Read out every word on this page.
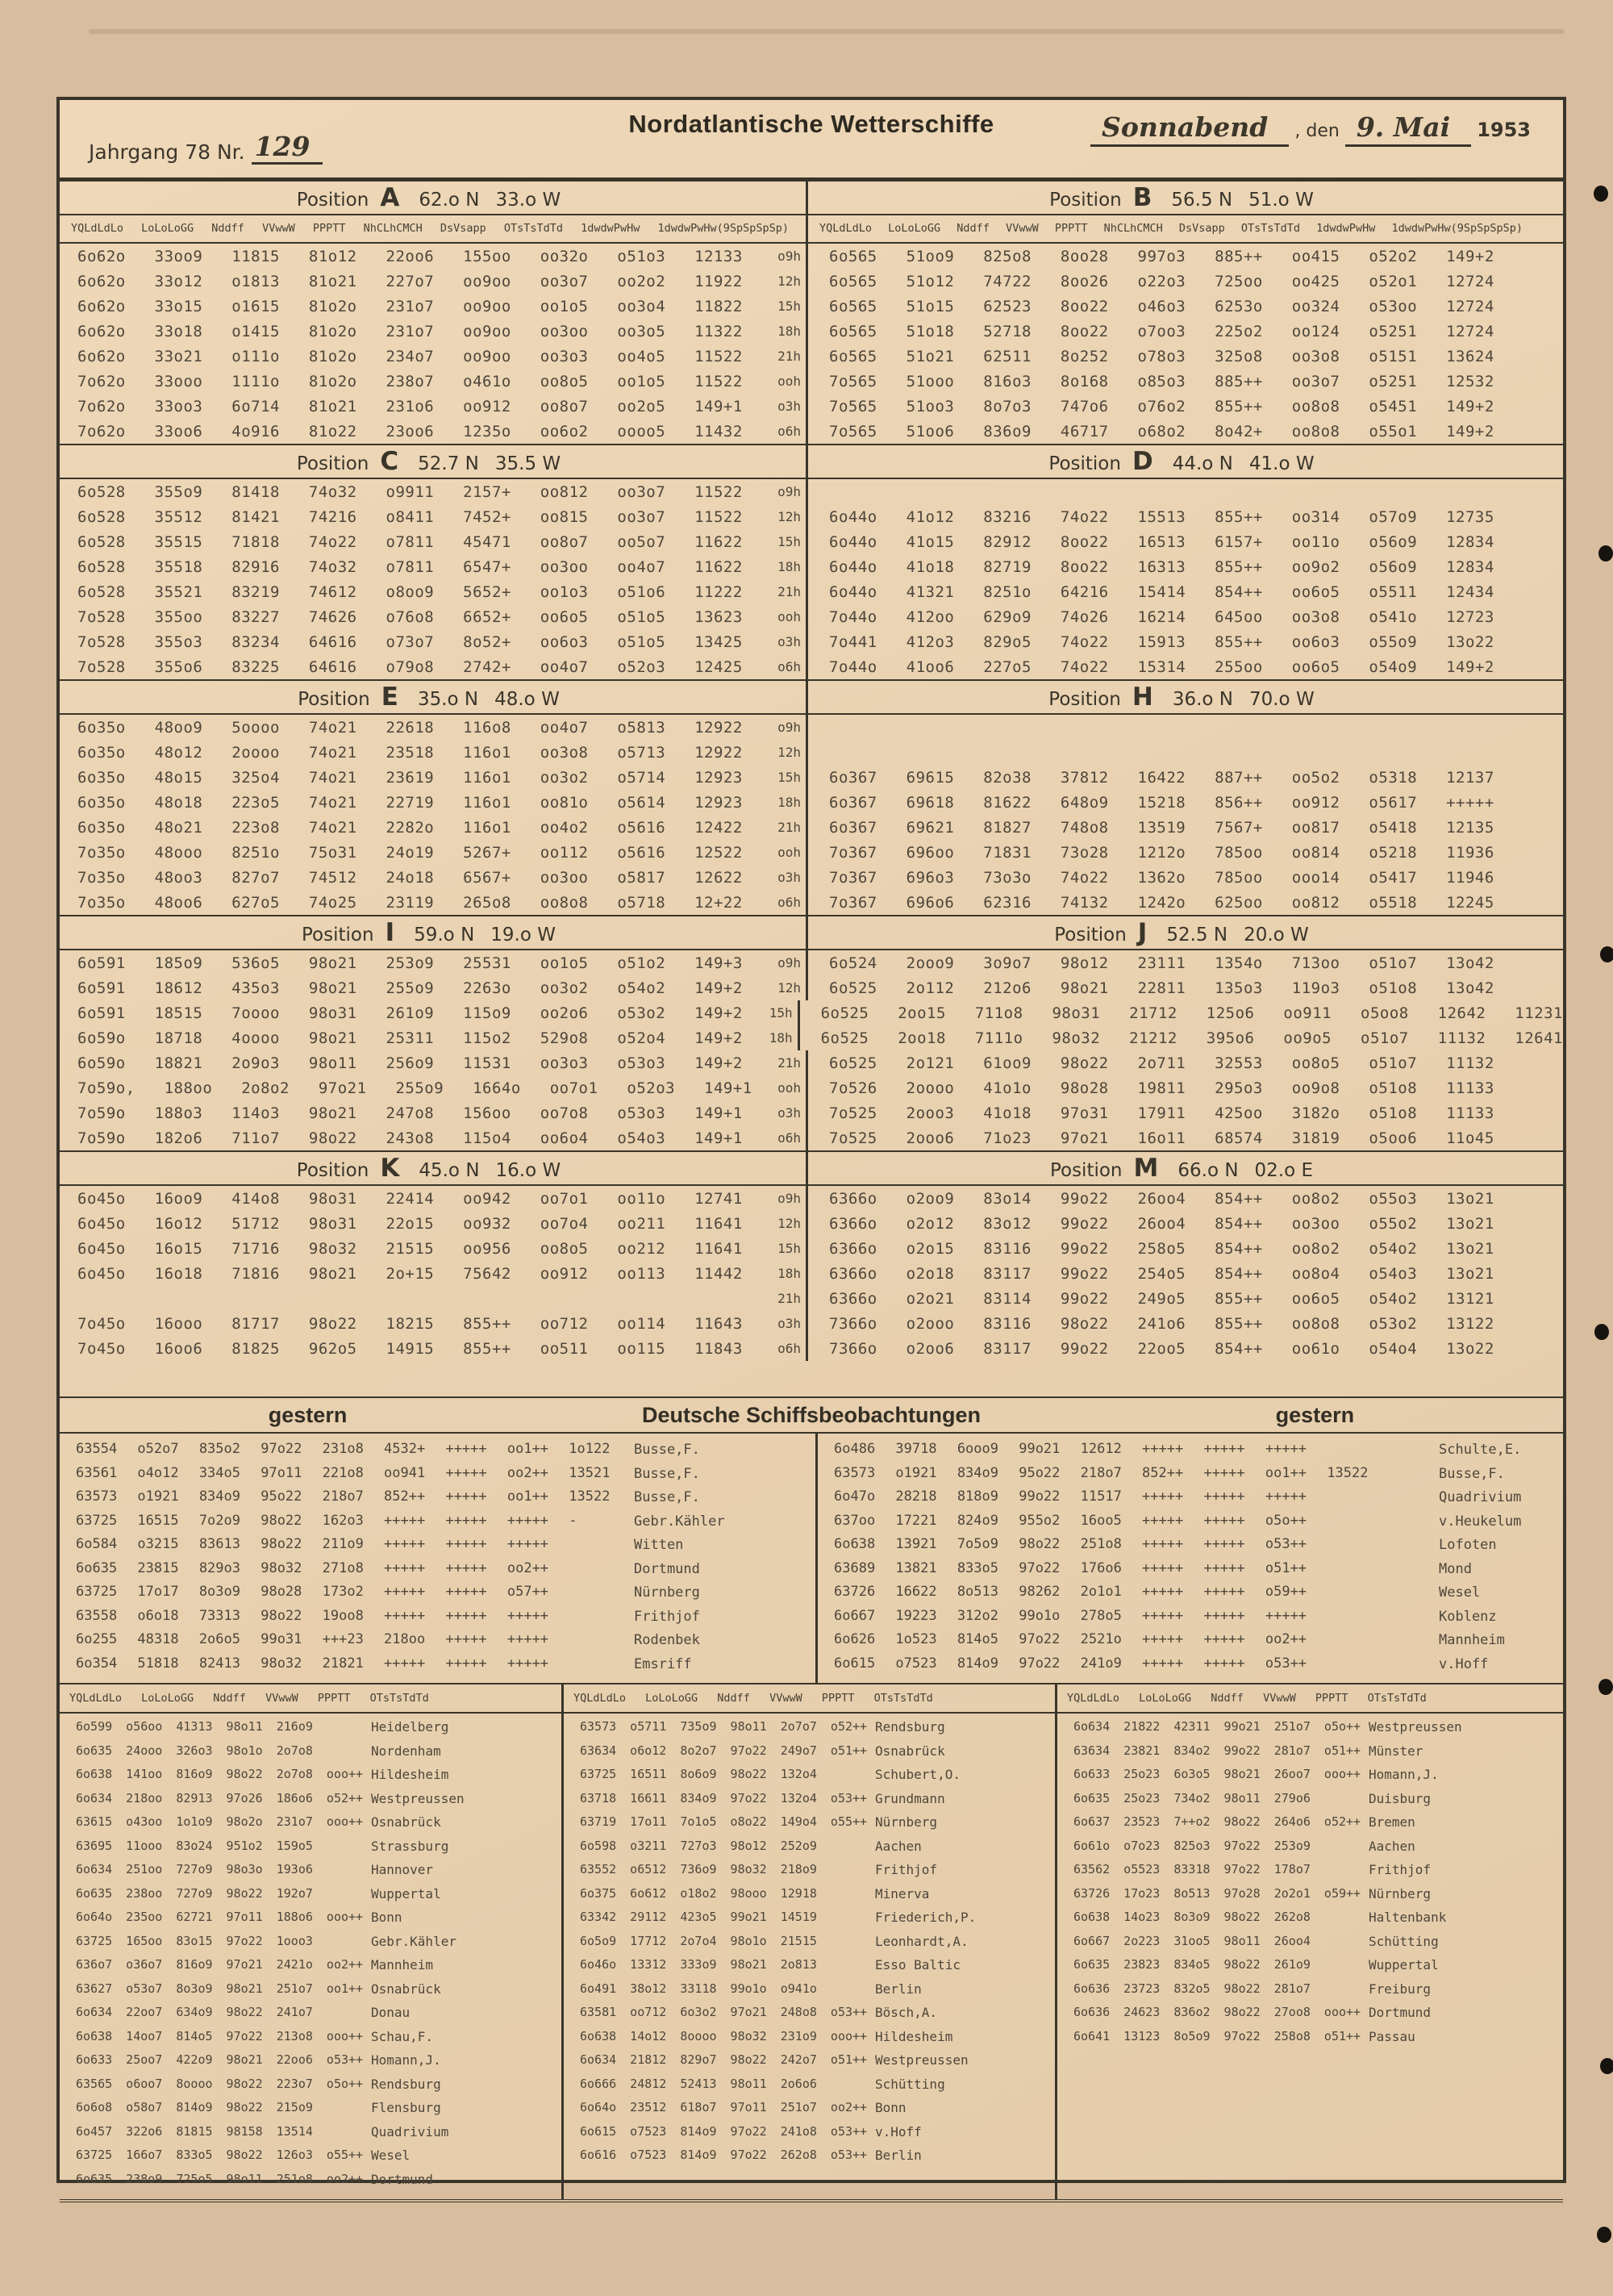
Jahrgang 78 Nr. 129
Nordatlantische Wetterschiffe	Sonnabend , den 9. Mai 1953
Position A 62.o N 33.o W	Position B 56.5 N 51.o W
YQLdLdLo LoLoLoGG Nddff VVwwW PPPTT NhCLhCMCH DsVsapp OTsTsTdTd 1dwdwPwHw 1dwdwPwHw(9SpSpSpSp)	YQLdLdLo LoLoLoGG Nddff VVwwW PPPTT NhCLhCMCH DsVsapp OTsTsTdTd 1dwdwPwHw 1dwdwPwHw(9SpSpSpSp)
6o62o 33oo9 11815 81o12 22oo6 155oo oo32o o51o3 12133	o9h	6o565 51oo9 825o8 8oo28 997o3 885++ oo415 o52o2 149+2
6o62o 33o12 o1813 81o21 227o7 oo9oo oo3o7 oo2o2 11922	12h	6o565 51o12 74722 8oo26 o22o3 725oo oo425 o52o1 12724
6o62o 33o15 o1615 81o2o 231o7 oo9oo oo1o5 oo3o4 11822	15h	6o565 51o15 62523 8oo22 o46o3 6253o oo324 o53oo 12724
6o62o 33o18 o1415 81o2o 231o7 oo9oo oo3oo oo3o5 11322	18h	6o565 51o18 52718 8oo22 o7oo3 225o2 oo124 o5251 12724
6o62o 33o21 o111o 81o2o 234o7 oo9oo oo3o3 oo4o5 11522	21h	6o565 51o21 62511 8o252 o78o3 325o8 oo3o8 o5151 13624
7o62o 33ooo 1111o 81o2o 238o7 o461o oo8o5 oo1o5 11522	ooh	7o565 51ooo 816o3 8o168 o85o3 885++ oo3o7 o5251 12532
7o62o 33oo3 6o714 81o21 231o6 oo912 oo8o7 oo2o5 149+1	o3h	7o565 51oo3 8o7o3 747o6 o76o2 855++ oo8o8 o5451 149+2
7o62o 33oo6 4o916 81o22 23oo6 1235o oo6o2 oooo5 11432	o6h	7o565 51oo6 836o9 46717 o68o2 8o42+ oo8o8 o55o1 149+2
Position C 52.7 N 35.5 W	Position D 44.o N 41.o W
6o528 355o9 81418 74o32 o9911 2157+ oo812 oo3o7 11522	o9h
6o528 35512 81421 74216 o8411 7452+ oo815 oo3o7 11522	12h	6o44o 41o12 83216 74o22 15513 855++ oo314 o57o9 12735
6o528 35515 71818 74o22 o7811 45471 oo8o7 oo5o7 11622	15h	6o44o 41o15 82912 8oo22 16513 6157+ oo11o o56o9 12834
6o528 35518 82916 74o32 o7811 6547+ oo3oo oo4o7 11622	18h	6o44o 41o18 82719 8oo22 16313 855++ oo9o2 o56o9 12834
6o528 35521 83219 74612 o8oo9 5652+ oo1o3 o51o6 11222	21h	6o44o 41321 8251o 64216 15414 854++ oo6o5 o5511 12434
7o528 355oo 83227 74626 o76o8 6652+ oo6o5 o51o5 13623	ooh	7o44o 412oo 629o9 74o26 16214 645oo oo3o8 o541o 12723
7o528 355o3 83234 64616 o73o7 8o52+ oo6o3 o51o5 13425	o3h	7o441 412o3 829o5 74o22 15913 855++ oo6o3 o55o9 13o22
7o528 355o6 83225 64616 o79o8 2742+ oo4o7 o52o3 12425	o6h	7o44o 41oo6 227o5 74o22 15314 255oo oo6o5 o54o9 149+2
Position E 35.o N 48.o W	Position H 36.o N 70.o W
6o35o 48oo9 5oooo 74o21 22618 116o8 oo4o7 o5813 12922	o9h
6o35o 48o12 2oooo 74o21 23518 116o1 oo3o8 o5713 12922	12h
6o35o 48o15 325o4 74o21 23619 116o1 oo3o2 o5714 12923	15h	6o367 69615 82o38 37812 16422 887++ oo5o2 o5318 12137
6o35o 48o18 223o5 74o21 22719 116o1 oo81o o5614 12923	18h	6o367 69618 81622 648o9 15218 856++ oo912 o5617 +++++
6o35o 48o21 223o8 74o21 2282o 116o1 oo4o2 o5616 12422	21h	6o367 69621 81827 748o8 13519 7567+ oo817 o5418 12135
7o35o 48ooo 8251o 75o31 24o19 5267+ oo112 o5616 12522	ooh	7o367 696oo 71831 73o28 1212o 785oo oo814 o5218 11936
7o35o 48oo3 827o7 74512 24o18 6567+ oo3oo o5817 12622	o3h	7o367 696o3 73o3o 74o22 1362o 785oo ooo14 o5417 11946
7o35o 48oo6 627o5 74o25 23119 265o8 oo8o8 o5718 12+22	o6h	7o367 696o6 62316 74132 1242o 625oo oo812 o5518 12245
Position I 59.o N 19.o W	Position J 52.5 N 20.o W
6o591 185o9 536o5 98o21 253o9 25531 oo1o5 o51o2 149+3	o9h	6o524 2ooo9 3o9o7 98o12 23111 1354o 713oo o51o7 13o42
6o591 18612 435o3 98o21 255o9 2263o oo3o2 o54o2 149+2	12h	6o525 2o112 212o6 98o21 22811 135o3 119o3 o51o8 13o42
6o591 18515 7oooo 98o31 261o9 115o9 oo2o6 o53o2 149+2 15h	6o525 2oo15 711o8 98o31 21712 125o6 oo911 o5oo8 12642 11231
6o59o 18718 4oooo 98o21 25311 115o2 529o8 o52o4 149+2 18h	6o525 2oo18 7111o 98o32 21212 395o6 oo9o5 o51o7 11132 12641
6o59o 18821 2o9o3 98o11 256o9 11531 oo3o3 o53o3 149+2	21h	6o525 2o121 61oo9 98o22 2o711 32553 oo8o5 o51o7 11132
7o59o, 188oo 2o8o2 97o21 255o9 1664o oo7o1 o52o3 149+1 ooh	7o526 2oooo 41o1o 98o28 19811 295o3 oo9o8 o51o8 11133
7o59o 188o3 114o3 98o21 247o8 156oo oo7o8 o53o3 149+1	o3h	7o525 2ooo3 41o18 97o31 17911 425oo 3182o o51o8 11133
7o59o 182o6 711o7 98o22 243o8 115o4 oo6o4 o54o3 149+1	o6h	7o525 2ooo6 71o23 97o21 16o11 68574 31819 o5oo6 11o45
Position K 45.o N 16.o W	Position M 66.o N 02.o E
6o45o 16oo9 414o8 98o31 22414 oo942 oo7o1 oo11o 12741	o9h	6366o o2oo9 83o14 99o22 26oo4 854++ oo8o2 o55o3 13o21
6o45o 16o12 51712 98o31 22o15 oo932 oo7o4 oo211 11641	12h	6366o o2o12 83o12 99o22 26oo4 854++ oo3oo o55o2 13o21
6o45o 16o15 71716 98o32 21515 oo956 oo8o5 oo212 11641	15h	6366o o2o15 83116 99o22 258o5 854++ oo8o2 o54o2 13o21
6o45o 16o18 71816 98o21 2o+15 75642 oo912 oo113 11442	18h	6366o o2o18 83117 99o22 254o5 854++ oo8o4 o54o3 13o21
21h	6366o o2o21 83114 99o22 249o5 855++ oo6o5 o54o2 13121
7o45o 16ooo 81717 98o22 18215 855++ oo712 oo114 11643	o3h	7366o o2ooo 83116 98o22 241o6 855++ oo8o8 o53o2 13122
7o45o 16oo6 81825 962o5 14915 855++ oo511 oo115 11843	o6h	7366o o2oo6 83117 99o22 22oo5 854++ oo61o o54o4 13o22
gestern	Deutsche Schiffsbeobachtungen	gestern
63554 o52o7 835o2 97o22 231o8 4532+ +++++ oo1++ 1o122 Busse,F.
63561 o4o12 334o5 97o11 221o8 oo941 +++++ oo2++ 13521 Busse,F.
63573 o1921 834o9 95o22 218o7 852++ +++++ oo1++ 13522 Busse,F.
63725 16515 7o2o9 98o22 162o3 +++++ +++++ +++++ -	Gebr.Kähler
6o584 o3215 83613 98o22 211o9 +++++ +++++ +++++	Witten
6o635 23815 829o3 98o32 271o8 +++++ +++++ oo2++	Dortmund
63725 17o17 8o3o9 98o28 173o2 +++++ +++++ o57++	Nürnberg
63558 o6o18 73313 98o22 19oo8 +++++ +++++ +++++	Frithjof
6o255 48318 2o6o5 99o31 +++23 218oo +++++ +++++	Rodenbek
6o354 51818 82413 98o32 21821 +++++ +++++ +++++	Emsriff
6o486 39718 6ooo9 99o21 12612 +++++ +++++ +++++	Schulte,E.
63573 o1921 834o9 95o22 218o7 852++ +++++ oo1++ 13522	Busse,F.
6o47o 28218 818o9 99o22 11517 +++++ +++++ +++++	Quadrivium
637oo 17221 824o9 955o2 16oo5 +++++ +++++ o5o++	v.Heukelum
6o638 13921 7o5o9 98o22 251o8 +++++ +++++ o53++	Lofoten
63689 13821 833o5 97o22 176o6 +++++ +++++ o51++	Mond
63726 16622 8o513 98262 2o1o1 +++++ +++++ o59++	Wesel
6o667 19223 312o2 99o1o 278o5 +++++ +++++ +++++	Koblenz
6o626 1o523 814o5 97o22 2521o +++++ +++++ oo2++	Mannheim
6o615 o7523 814o9 97o22 241o9 +++++ +++++ o53++	v.Hoff
YQLdLdLo LoLoLoGG Nddff VVwwW PPPTT OTsTsTdTd	YQLdLdLo LoLoLoGG Nddff VVwwW PPPTT OTsTsTdTd	YQLdLdLo LoLoLoGG Nddff VVwwW PPPTT OTsTsTdTd
6o599 o56oo 41313 98o11 216o9	Heidelberg
6o635 24ooo 326o3 98o1o 2o7o8	Nordenham
6o638 141oo 816o9 98o22 2o7o8 ooo++ Hildesheim
6o634 218oo 82913 97o26 186o6 o52++ Westpreussen
63615 o43oo 1o1o9 98o2o 231o7 ooo++ Osnabrück
63695 11ooo 83o24 951o2 159o5	Strassburg
6o634 251oo 727o9 98o3o 193o6	Hannover
6o635 238oo 727o9 98o22 192o7	Wuppertal
6o64o 235oo 62721 97o11 188o6 ooo++ Bonn
63725 165oo 83o15 97o22 1ooo3	Gebr.Kähler
636o7 o36o7 816o9 97o21 2421o oo2++ Mannheim
63627 o53o7 8o3o9 98o21 251o7 oo1++ Osnabrück
6o634 22oo7 634o9 98o22 241o7	Donau
6o638 14oo7 814o5 97o22 213o8 ooo++ Schau,F.
6o633 25oo7 422o9 98o21 22oo6 o53++ Homann,J.
63565 o6oo7 8oooo 98o22 223o7 o5o++ Rendsburg
6o6o8 o58o7 814o9 98o22 215o9	Flensburg
6o457 322o6 81815 98158 13514	Quadrivium
63725 166o7 833o5 98o22 126o3 o55++ Wesel
6o635 238o9 725o5 98o11 251o8 oo2++ Dortmund
63573 o5711 735o9 98o11 2o7o7 o52++ Rendsburg
63634 o6o12 8o2o7 97o22 249o7 o51++ Osnabrück
63725 16511 8o6o9 98o22 132o4	Schubert,O.
63718 16611 834o9 97o22 132o4 o53++ Grundmann
63719 17o11 7o1o5 o8o22 149o4 o55++ Nürnberg
6o598 o3211 727o3 98o12 252o9	Aachen
63552 o6512 736o9 98o32 218o9	Frithjof
6o375 6o612 o18o2 98ooo 12918	Minerva
63342 29112 423o5 99o21 14519	Friederich,P.
6o5o9 17712 2o7o4 98o1o 21515	Leonhardt,A.
6o46o 13312 333o9 98o21 2o813	Esso Baltic
6o491 38o12 33118 99o1o o941o	Berlin
63581 oo712 6o3o2 97o21 248o8 o53++ Bösch,A.
6o638 14o12 8oooo 98o32 231o9 ooo++ Hildesheim
6o634 21812 829o7 98o22 242o7 o51++ Westpreussen
6o666 24812 52413 98o11 2o6o6	Schütting
6o64o 23512 618o7 97o11 251o7 oo2++ Bonn
6o615 o7523 814o9 97o22 241o8 o53++ v.Hoff
6o616 o7523 814o9 97o22 262o8 o53++ Berlin
6o634 21822 42311 99o21 251o7 o5o++ Westpreussen
63634 23821 834o2 99o22 281o7 o51++ Münster
6o633 25o23 6o3o5 98o21 26oo7 ooo++ Homann,J.
6o635 25o23 734o2 98o11 279o6	Duisburg
6o637 23523 7++o2 98o22 264o6 o52++ Bremen
6o61o o7o23 825o3 97o22 253o9	Aachen
63562 o5523 83318 97o22 178o7	Frithjof
63726 17o23 8o513 97o28 2o2o1 o59++ Nürnberg
6o638 14o23 8o3o9 98o22 262o8	Haltenbank
6o667 2o223 31oo5 98o11 26oo4	Schütting
6o635 23823 834o5 98o22 261o9	Wuppertal
6o636 23723 832o5 98o22 281o7	Freiburg
6o636 24623 836o2 98o22 27oo8 ooo++ Dortmund
6o641 13123 8o5o9 97o22 258o8 o51++ Passau
